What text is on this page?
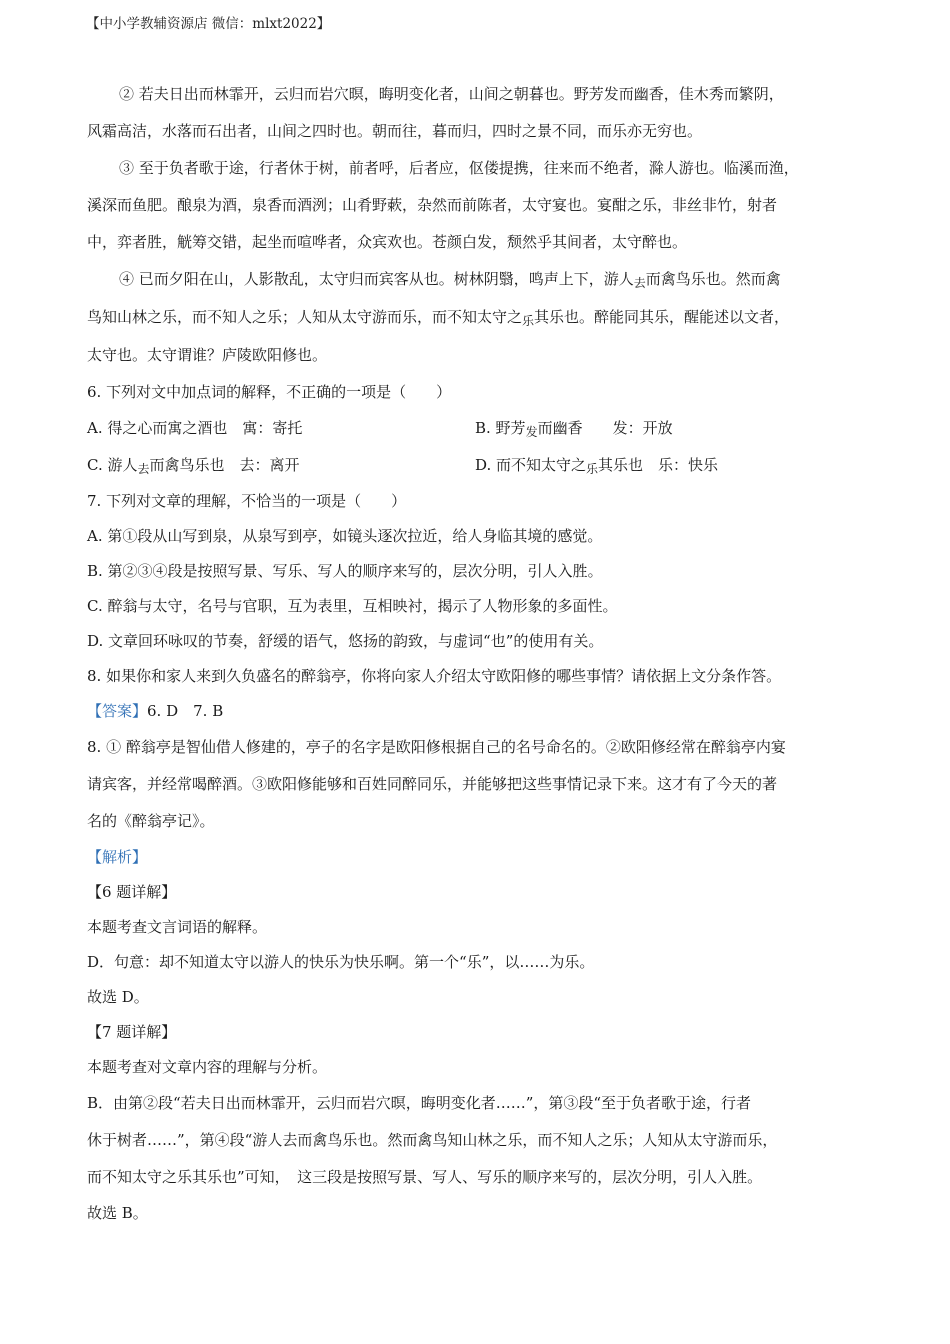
【中小学教辅资源店 微信：mlxt2022】

② 若夫日出而林霏开，云归而岩穴暝，晦明变化者，山间之朝暮也。野芳发而幽香，佳木秀而繁阴，

风霜高洁，水落而石出者，山间之四时也。朝而往，暮而归，四时之景不同，而乐亦无穷也。

③ 至于负者歌于途，行者休于树，前者呼，后者应，伛偻提携，往来而不绝者，滁人游也。临溪而渔，

溪深而鱼肥。酿泉为酒，泉香而酒洌；山肴野蔌，杂然而前陈者，太守宴也。宴酣之乐，非丝非竹，射者

中，弈者胜，觥筹交错，起坐而喧哗者，众宾欢也。苍颜白发，颓然乎其间者，太守醉也。

④ 已而夕阳在山，人影散乱，太守归而宾客从也。树林阴翳，鸣声上下，游人$_去$而禽鸟乐也。然而禽

鸟知山林之乐，而不知人之乐；人知从太守游而乐，而不知太守之$_乐$其乐也。醉能同其乐，醒能述以文者，

太守也。太守谓谁？庐陵欧阳修也。

6. 下列对文中加点词的解释，不正确的一项是（　　）

A. 得之心而寓之酒也　寓：寄托	B. 野芳$_发$而幽香　　发：开放
C. 游人$_去$而禽鸟乐也　去：离开	D. 而不知太守之$_乐$其乐也　乐：快乐

7. 下列对文章的理解，不恰当的一项是（　　）

A. 第①段从山写到泉，从泉写到亭，如镜头逐次拉近，给人身临其境的感觉。

B. 第②③④段是按照写景、写乐、写人的顺序来写的，层次分明，引人入胜。

C. 醉翁与太守，名号与官职，互为表里，互相映衬，揭示了人物形象的多面性。

D. 文章回环咏叹的节奏，舒缓的语气，悠扬的韵致，与虚词“也”的使用有关。

8. 如果你和家人来到久负盛名的醉翁亭，你将向家人介绍太守欧阳修的哪些事情？请依据上文分条作答。

【答案】6. D　7. B

8. ① 醉翁亭是智仙借人修建的，亭子的名字是欧阳修根据自己的名号命名的。②欧阳修经常在醉翁亭内宴

请宾客，并经常喝醉酒。③欧阳修能够和百姓同醉同乐，并能够把这些事情记录下来。这才有了今天的著

名的《醉翁亭记》。

【解析】

【6 题详解】

本题考查文言词语的解释。

D．句意：却不知道太守以游人的快乐为快乐啊。第一个“乐”，以……为乐。

故选 D。

【7 题详解】

本题考查对文章内容的理解与分析。

B．由第②段“若夫日出而林霏开，云归而岩穴暝，晦明变化者……”，第③段“至于负者歌于途，行者

休于树者……”，第④段“游人去而禽鸟乐也。然而禽鸟知山林之乐，而不知人之乐；人知从太守游而乐，

而不知太守之乐其乐也”可知，　这三段是按照写景、写人、写乐的顺序来写的，层次分明，引人入胜。

故选 B。
